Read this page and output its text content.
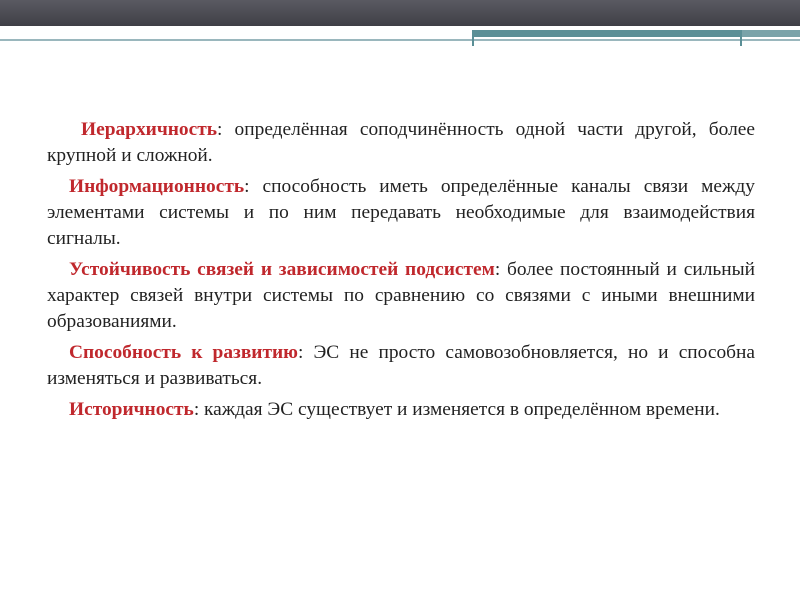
Иерархичность: определённая соподчинённость одной части другой, более крупной и сложной.

Информационность: способность иметь определённые каналы связи между элементами системы и по ним передавать необходимые для взаимодействия сигналы.

Устойчивость связей и зависимостей подсистем: более постоянный и сильный характер связей внутри системы по сравнению со связями с иными внешними образованиями.

Способность к развитию: ЭС не просто самовозобновляется, но и способна изменяться и развиваться.

Историчность: каждая ЭС существует и изменяется в определённом времени.
